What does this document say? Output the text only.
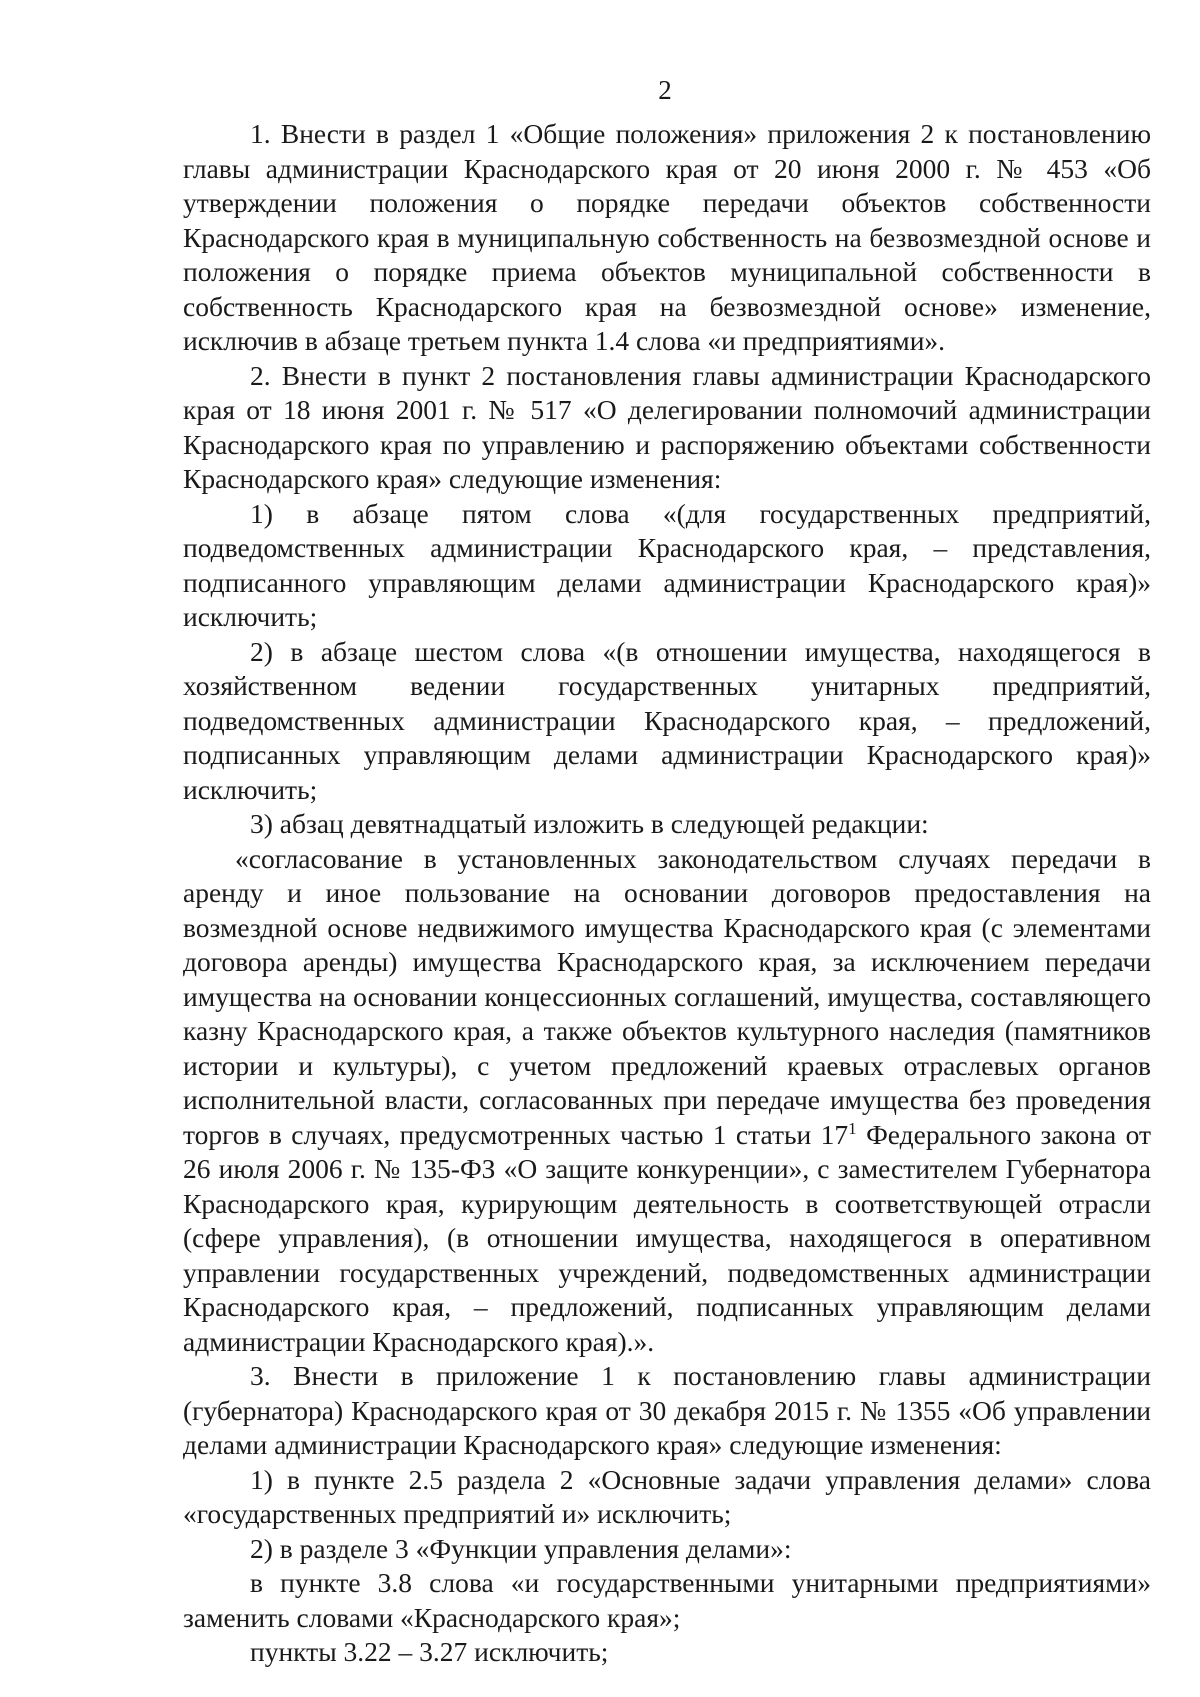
2

1. Внести в раздел 1 «Общие положения» приложения 2 к постановлению главы администрации Краснодарского края от 20 июня 2000 г. № 453 «Об утверждении положения о порядке передачи объектов собственности Краснодарского края в муниципальную собственность на безвозмездной основе и положения о порядке приема объектов муниципальной собственности в собственность Краснодарского края на безвозмездной основе» изменение, исключив в абзаце третьем пункта 1.4 слова «и предприятиями».

2. Внести в пункт 2 постановления главы администрации Краснодарского края от 18 июня 2001 г. № 517 «О делегировании полномочий администрации Краснодарского края по управлению и распоряжению объектами собственности Краснодарского края» следующие изменения:

1) в абзаце пятом слова «(для государственных предприятий, подведомственных администрации Краснодарского края, – представления, подписанного управляющим делами администрации Краснодарского края)» исключить;

2) в абзаце шестом слова «(в отношении имущества, находящегося в хозяйственном ведении государственных унитарных предприятий, подведомственных администрации Краснодарского края, – предложений, подписанных управляющим делами администрации Краснодарского края)» исключить;

3) абзац девятнадцатый изложить в следующей редакции:

«согласование в установленных законодательством случаях передачи в аренду и иное пользование на основании договоров предоставления на возмездной основе недвижимого имущества Краснодарского края (с элементами договора аренды) имущества Краснодарского края, за исключением передачи имущества на основании концессионных соглашений, имущества, составляющего казну Краснодарского края, а также объектов культурного наследия (памятников истории и культуры), с учетом предложений краевых отраслевых органов исполнительной власти, согласованных при передаче имущества без проведения торгов в случаях, предусмотренных частью 1 статьи $17^1$ Федерального закона от 26 июля 2006 г. № 135-ФЗ «О защите конкуренции», с заместителем Губернатора Краснодарского края, курирующим деятельность в соответствующей отрасли (сфере управления), (в отношении имущества, находящегося в оперативном управлении государственных учреждений, подведомственных администрации Краснодарского края, – предложений, подписанных управляющим делами администрации Краснодарского края).».

3. Внести в приложение 1 к постановлению главы администрации (губернатора) Краснодарского края от 30 декабря 2015 г. № 1355 «Об управлении делами администрации Краснодарского края» следующие изменения:

1) в пункте 2.5 раздела 2 «Основные задачи управления делами» слова «государственных предприятий и» исключить;

2) в разделе 3 «Функции управления делами»:

в пункте 3.8 слова «и государственными унитарными предприятиями» заменить словами «Краснодарского края»;

пункты 3.22 – 3.27 исключить;
